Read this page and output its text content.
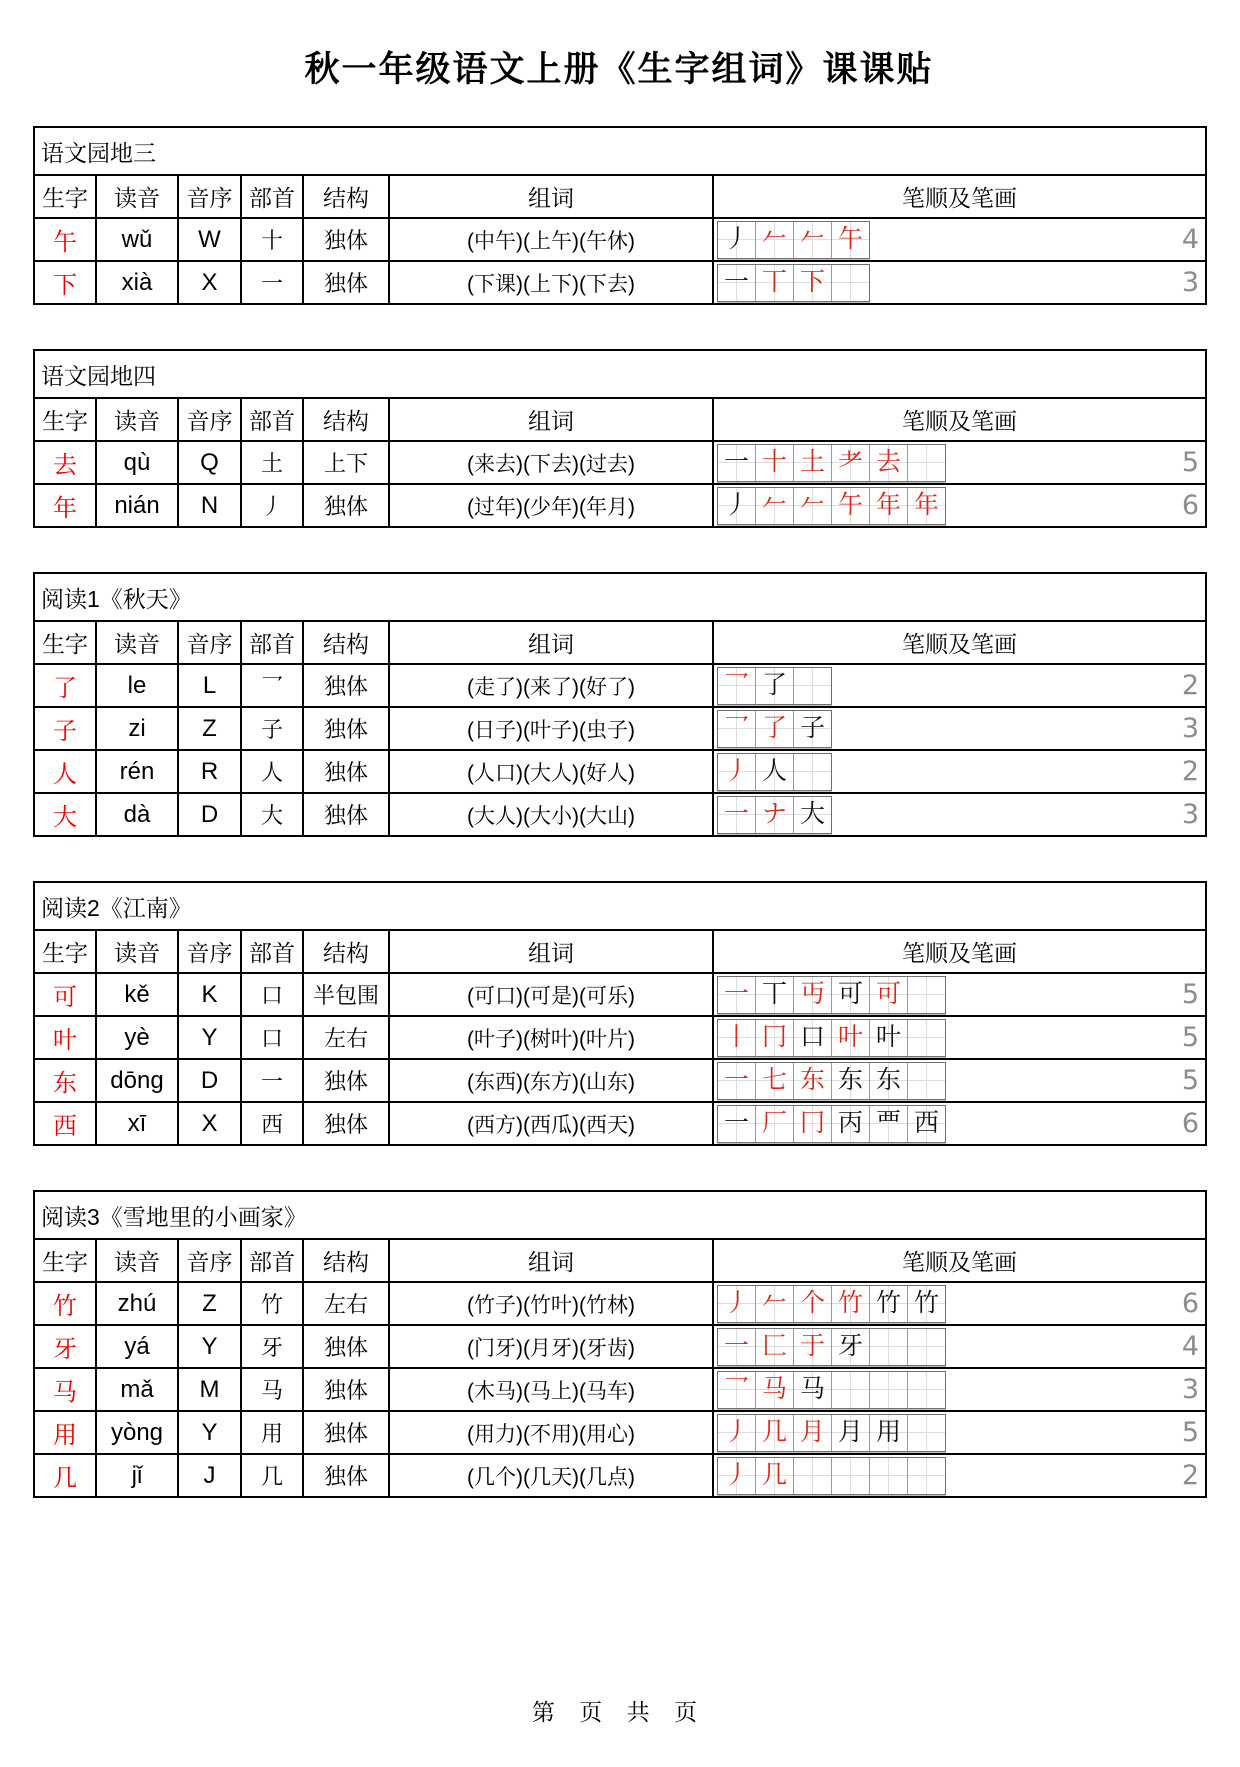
秋一年级语文上册《生字组词》课课贴
语文园地三						
生字	读音	音序	部首	结构	组词	笔顺及笔画
午	wǔ	W	十	独体	(中午)(上午)(午休)	丿 𠂉 𠂉 午 4

下	xià	X	一	独体	(下课)(上下)(下去)	一 丅 下 3
语文园地四						
生字	读音	音序	部首	结构	组词	笔顺及笔画
去	qù	Q	土	上下	(来去)(下去)(过去)	一 十 土 耂 去	5

年	nián	N	丿	独体	(过年)(少年)(年月)	丿 𠂉 𠂉 午 年 年	6
阅读1《秋天》						
生字	读音	音序	部首	结构	组词	笔顺及笔画
了	le	L	乛	独体	(走了)(来了)(好了)	乛 了 2

子	zi	Z	子	独体	(日子)(叶子)(虫子)	乛 了 子 3

人	rén	R	人	独体	(人口)(大人)(好人)	丿 人 2

大	dà	D	大	独体	(大人)(大小)(大山)	一 ナ 大 3
阅读2《江南》						
生字	读音	音序	部首	结构	组词	笔顺及笔画
可	kě	K	口	半包围	(可口)(可是)(可乐)	一 丅 丏 可 可	5

叶	yè	Y	口	左右	(叶子)(树叶)(叶片)	丨 冂 口 叶 叶	5

东	dōng	D	一	独体	(东西)(东方)(山东)	一 七 东 东 东	5

西	xī	X	西	独体	(西方)(西瓜)(西天)	一 厂 冂 丙 覀 西	6
阅读3《雪地里的小画家》						
生字	读音	音序	部首	结构	组词	笔顺及笔画
竹	zhú	Z	竹	左右	(竹子)(竹叶)(竹林)	丿 𠂉 个 竹 竹 竹	6

牙	yá	Y	牙	独体	(门牙)(月牙)(牙齿)	一 匚 于 牙 4

马	mǎ	M	马	独体	(木马)(马上)(马车)	乛 马 马 3

用	yòng	Y	用	独体	(用力)(不用)(用心)	丿 几 月 月 用	5

几	jǐ	J	几	独体	(几个)(几天)(几点)	丿 几 2
第 页 共 页
